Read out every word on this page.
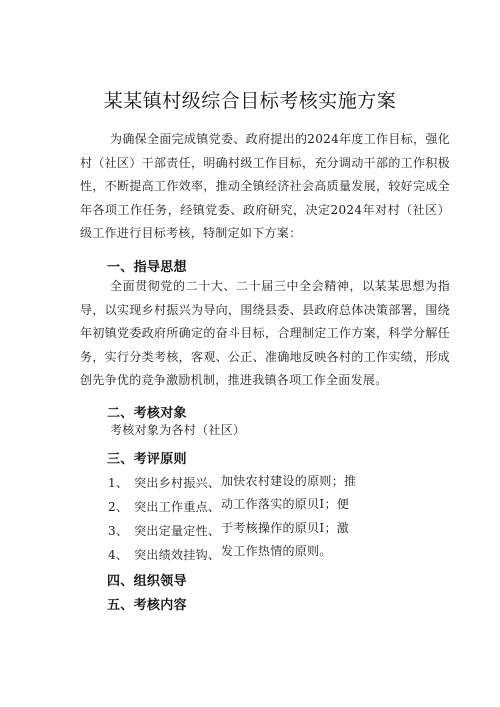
某某镇村级综合目标考核实施方案
为确保全面完成镇党委、政府提出的2024年度工作目标，强化村（社区）干部责任，明确村级工作目标，充分调动干部的工作积极性，不断提高工作效率，推动全镇经济社会高质量发展，较好完成全年各项工作任务，经镇党委、政府研究，决定2024年对村（社区）级工作进行目标考核，特制定如下方案：
一、指导思想
全面贯彻党的二十大、二十届三中全会精神，以某某思想为指导，以实现乡村振兴为导向，围绕县委、县政府总体决策部署，围绕年初镇党委政府所确定的奋斗目标，合理制定工作方案，科学分解任务，实行分类考核，客观、公正、准确地反映各村的工作实绩，形成创先争优的竞争激励机制，推进我镇各项工作全面发展。
二、考核对象
考核对象为各村（社区）
三、考评原则
1、 突出乡村振兴、 加快农村建设的原则；推
2、 突出工作重点、 动工作落实的原贝I；便
3、 突出定量定性、 于考核操作的原贝I；激
4、 突出绩效挂钩、 发工作热情的原则。
四、组织领导
五、考核内容
